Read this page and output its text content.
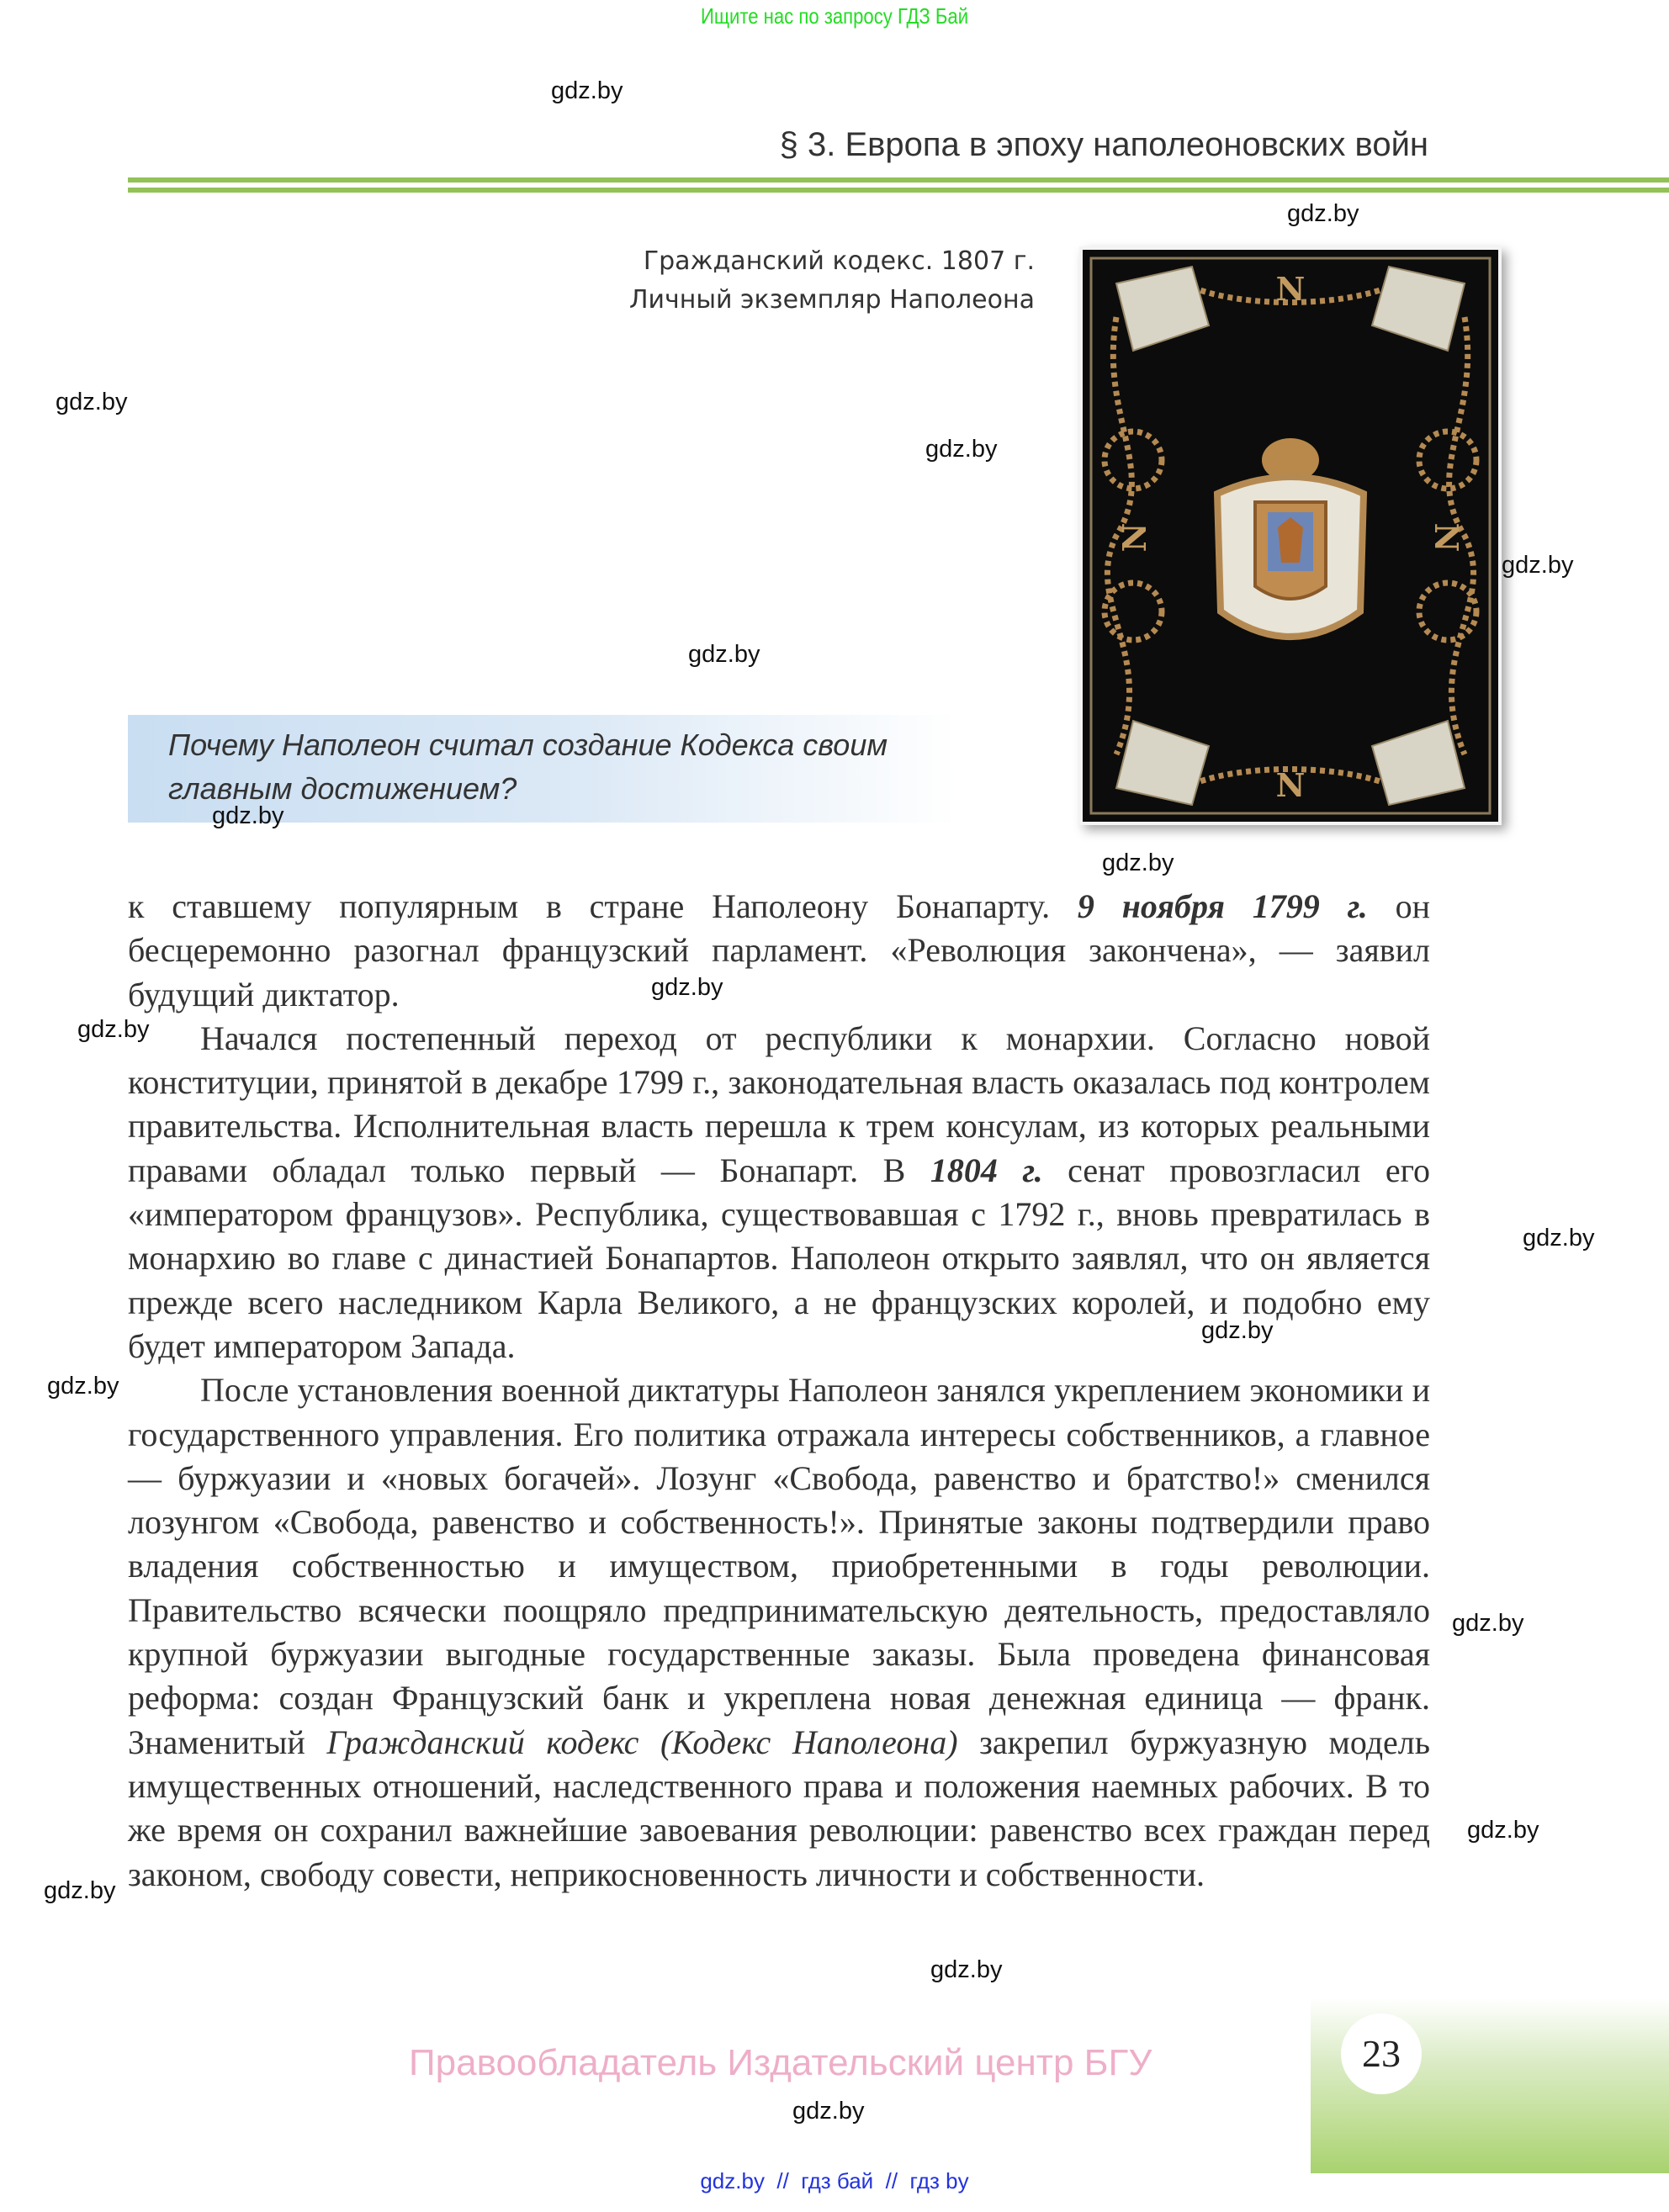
Ищите нас по запросу ГДЗ Бай
§ 3. Европа в эпоху наполеоновских войн
Гражданский кодекс. 1807 г.
Личный экземпляр Наполеона	N
N
N	N
Почему Наполеон считал создание Кодекса своим главным достижением?

к ставшему популярным в стране Наполеону Бонапарту. 9 ноября 1799 г. он бесцеремонно разогнал французский парламент. «Революция закончена», — заявил будущий диктатор.

Начался постепенный переход от республики к монархии. Согласно новой конституции, принятой в декабре 1799 г., законодательная власть оказалась под контролем правительства. Исполнительная власть перешла к трем консулам, из которых реальными правами обладал только первый — Бонапарт. В 1804 г. сенат провозгласил его «императором французов». Республика, существовавшая с 1792 г., вновь превратилась в монархию во главе с династией Бонапартов. Наполеон открыто заявлял, что он является прежде всего наследником Карла Великого, а не французских королей, и подобно ему будет императором Запада.

После установления военной диктатуры Наполеон занялся укреплением экономики и государственного управления. Его политика отражала интересы собственников, а главное — буржуазии и «новых богачей». Лозунг «Свобода, равенство и братство!» сменился лозунгом «Свобода, равенство и собственность!». Принятые законы подтвердили право владения собственностью и имуществом, приобретенными в годы революции. Правительство всячески поощряло предпринимательскую деятельность, предоставляло крупной буржуазии выгодные государственные заказы. Была проведена финансовая реформа: создан Французский банк и укреплена новая денежная единица — франк. Знаменитый Гражданский кодекс (Кодекс Наполеона) закрепил буржуазную модель имущественных отношений, наследственного права и положения наемных рабочих. В то же время он сохранил важнейшие завоевания революции: равенство всех граждан перед законом, свободу совести, неприкосновенность личности и собственности.

Правообладатель Издательский центр БГУ	23
gdz.by  //  гдз бай  //  гдз by
gdz.by
gdz.by
gdz.by
gdz.by
gdz.by
gdz.by
gdz.by
gdz.by
gdz.by
gdz.by
gdz.by
gdz.by
gdz.by
gdz.by
gdz.by
gdz.by
gdz.by
gdz.by
